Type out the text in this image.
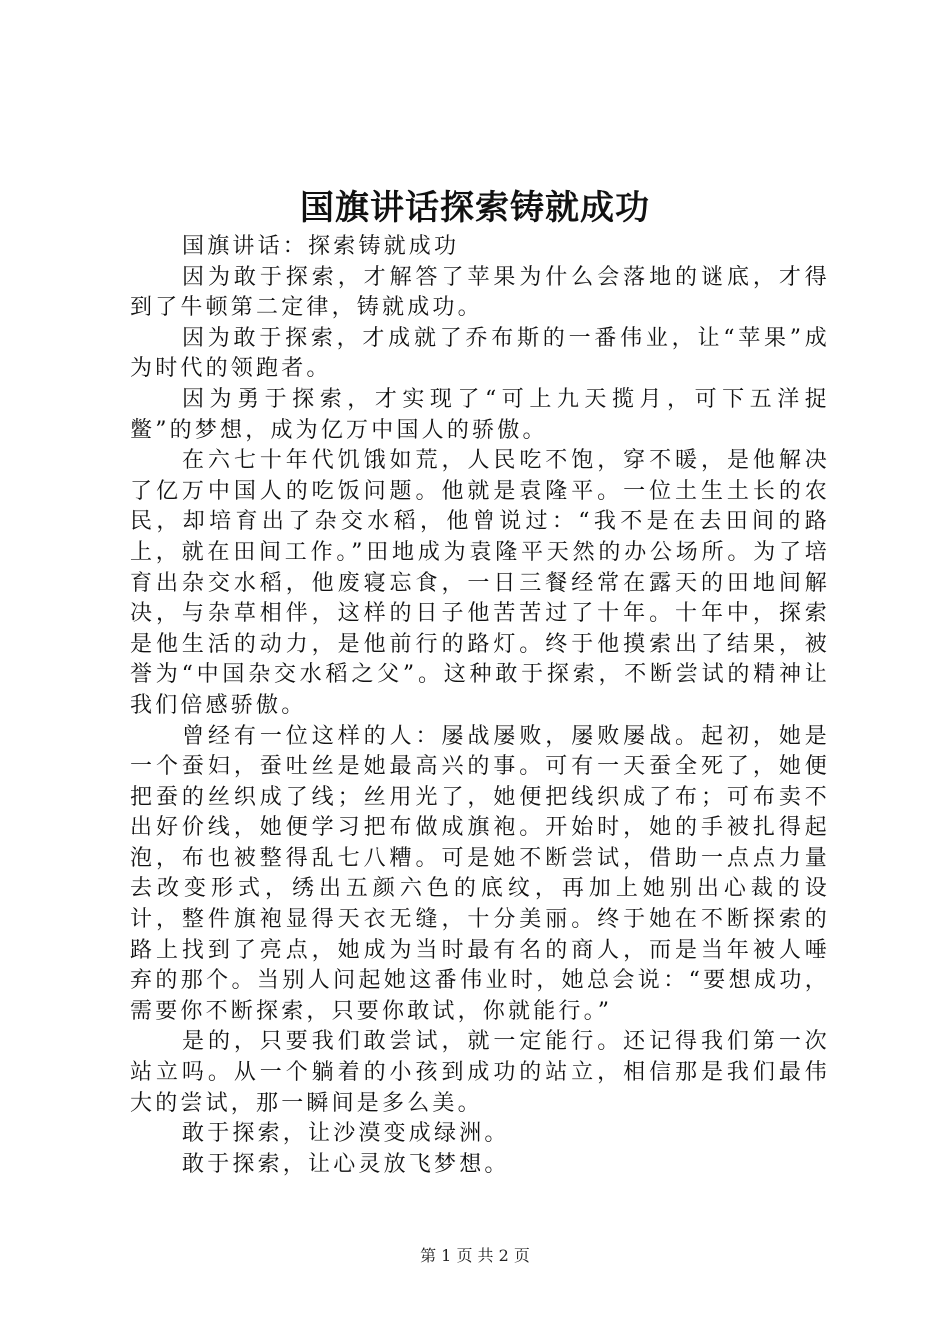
国旗讲话探索铸就成功

国旗讲话：探索铸就成功

因为敢于探索，才解答了苹果为什么会落地的谜底，才得到了牛顿第二定律，铸就成功。

因为敢于探索，才成就了乔布斯的一番伟业，让“苹果”成为时代的领跑者。

因为勇于探索，才实现了“可上九天揽月，可下五洋捉鳖”的梦想，成为亿万中国人的骄傲。

在六七十年代饥饿如荒，人民吃不饱，穿不暖，是他解决了亿万中国人的吃饭问题。他就是袁隆平。一位土生土长的农民，却培育出了杂交水稻，他曾说过：“我不是在去田间的路上，就在田间工作。”田地成为袁隆平天然的办公场所。为了培育出杂交水稻，他废寝忘食，一日三餐经常在露天的田地间解决，与杂草相伴，这样的日子他苦苦过了十年。十年中，探索是他生活的动力，是他前行的路灯。终于他摸索出了结果，被誉为“中国杂交水稻之父”。这种敢于探索，不断尝试的精神让我们倍感骄傲。

曾经有一位这样的人：屡战屡败，屡败屡战。起初，她是一个蚕妇，蚕吐丝是她最高兴的事。可有一天蚕全死了，她便把蚕的丝织成了线；丝用光了，她便把线织成了布；可布卖不出好价线，她便学习把布做成旗袍。开始时，她的手被扎得起泡，布也被整得乱七八糟。可是她不断尝试，借助一点点力量去改变形式，绣出五颜六色的底纹，再加上她别出心裁的设计，整件旗袍显得天衣无缝，十分美丽。终于她在不断探索的路上找到了亮点，她成为当时最有名的商人，而是当年被人唾弃的那个。当别人问起她这番伟业时，她总会说：“要想成功，需要你不断探索，只要你敢试，你就能行。”

是的，只要我们敢尝试，就一定能行。还记得我们第一次站立吗。从一个躺着的小孩到成功的站立，相信那是我们最伟大的尝试，那一瞬间是多么美。

敢于探索，让沙漠变成绿洲。

敢于探索，让心灵放飞梦想。

第 1 页 共 2 页
